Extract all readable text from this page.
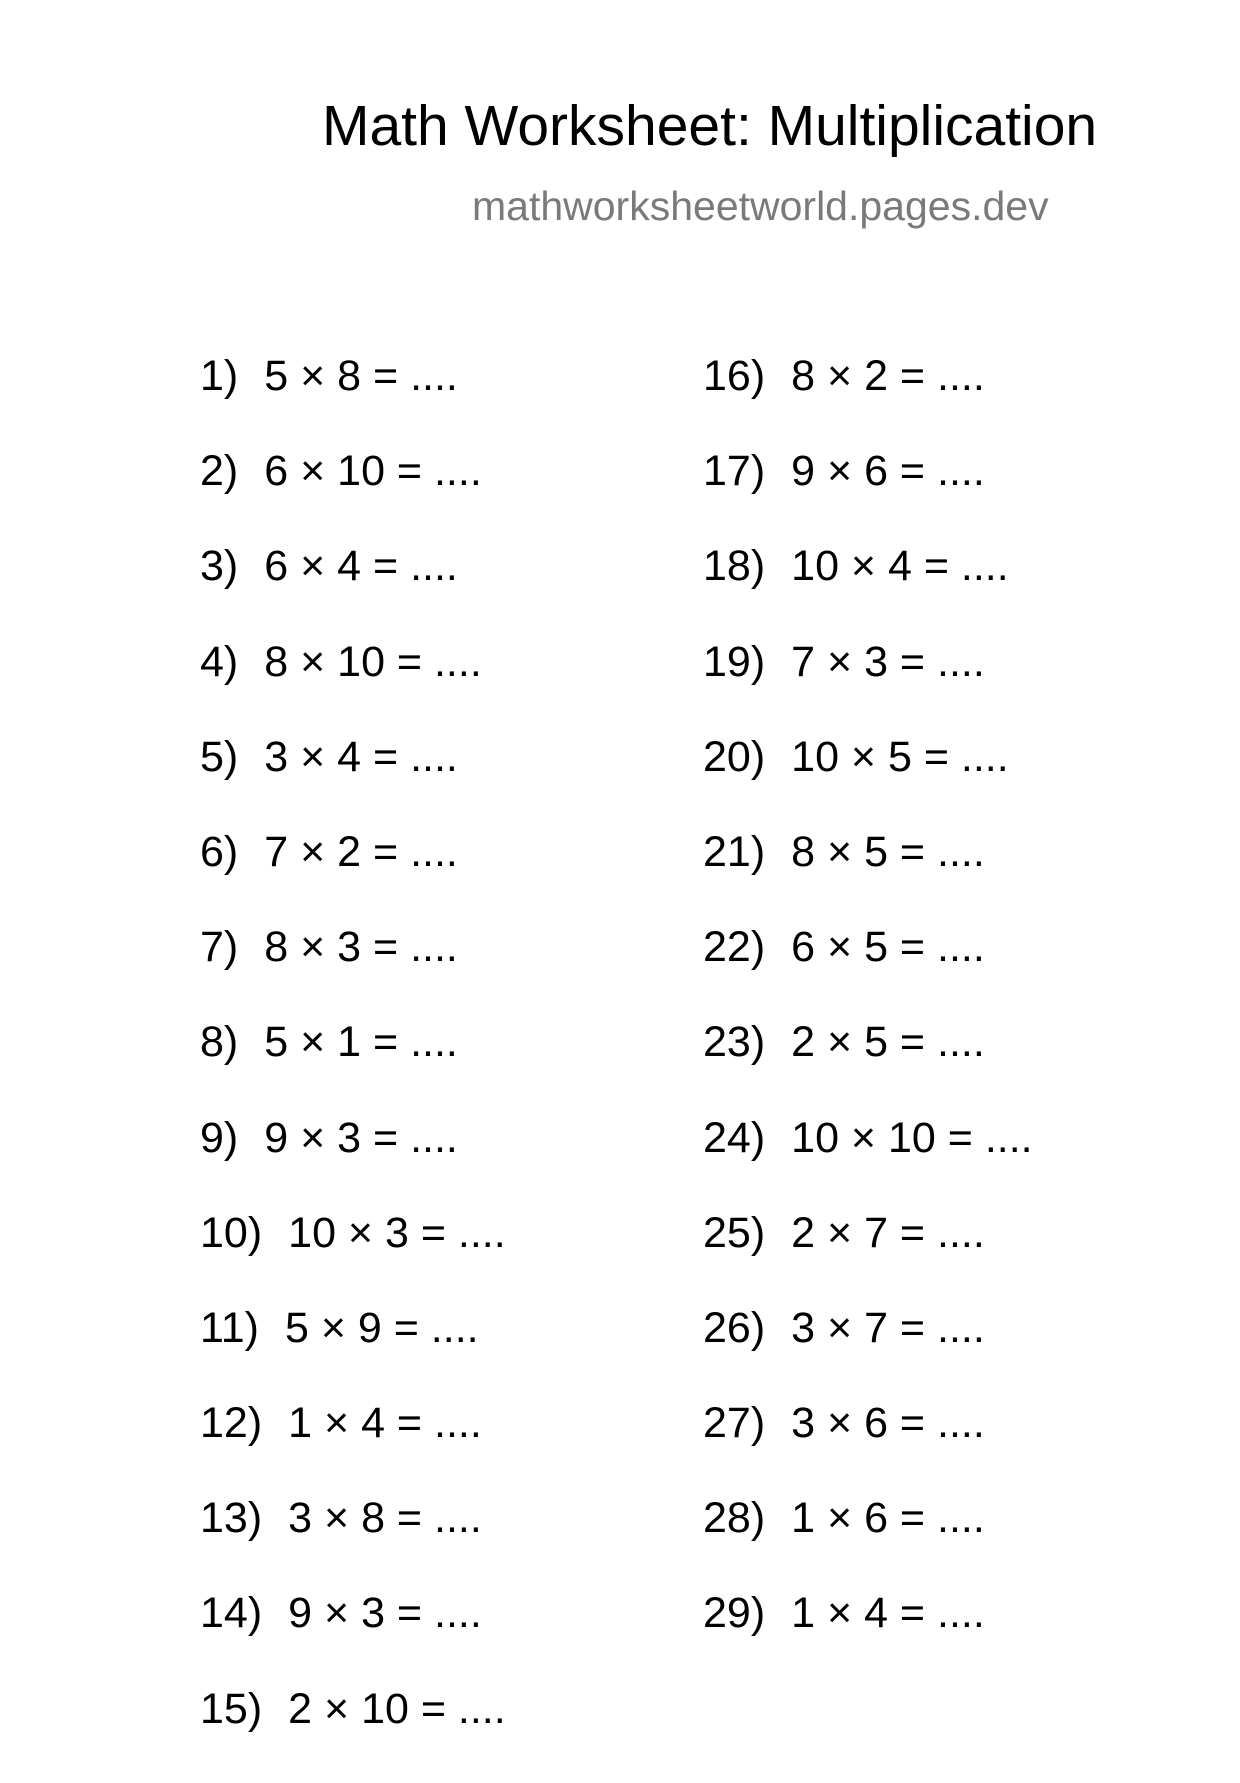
Math Worksheet: Multiplication
mathworksheetworld.pages.dev
1) 5 × 8 = ....
2) 6 × 10 = ....
3) 6 × 4 = ....
4) 8 × 10 = ....
5) 3 × 4 = ....
6) 7 × 2 = ....
7) 8 × 3 = ....
8) 5 × 1 = ....
9) 9 × 3 = ....
10) 10 × 3 = ....
11) 5 × 9 = ....
12) 1 × 4 = ....
13) 3 × 8 = ....
14) 9 × 3 = ....
15) 2 × 10 = ....
16) 8 × 2 = ....
17) 9 × 6 = ....
18) 10 × 4 = ....
19) 7 × 3 = ....
20) 10 × 5 = ....
21) 8 × 5 = ....
22) 6 × 5 = ....
23) 2 × 5 = ....
24) 10 × 10 = ....
25) 2 × 7 = ....
26) 3 × 7 = ....
27) 3 × 6 = ....
28) 1 × 6 = ....
29) 1 × 4 = ....
